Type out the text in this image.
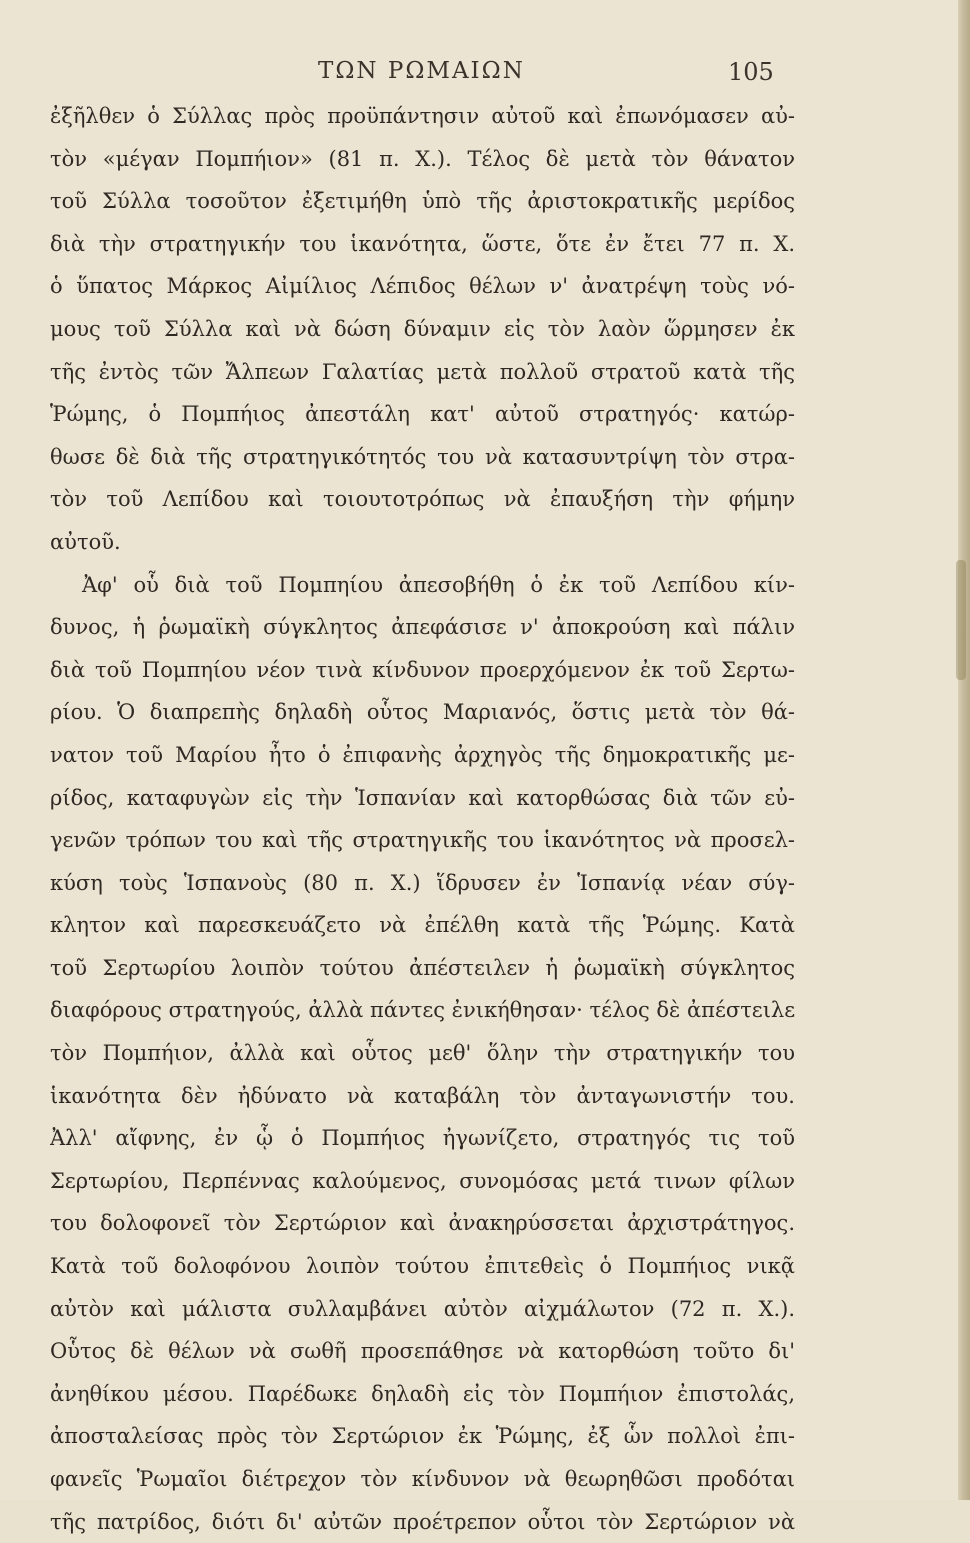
ΤΩΝ ΡΩΜΑΙΩΝ	105
ἐξῆλθεν ὁ Σύλλας πρὸς προϋπάντησιν αὐτοῦ καὶ ἐπωνόμασεν αὐ-
τὸν «μέγαν Πομπήιον» (81 π. Χ.). Τέλος δὲ μετὰ τὸν θάνατον
τοῦ Σύλλα τοσοῦτον ἐξετιμήθη ὑπὸ τῆς ἀριστοκρατικῆς μερίδος
διὰ τὴν στρατηγικήν του ἱκανότητα, ὥστε, ὅτε ἐν ἔτει 77 π. Χ.
ὁ ὕπατος Μάρκος Αἰμίλιος Λέπιδος θέλων ν' ἀνατρέψη τοὺς νό-
μους τοῦ Σύλλα καὶ νὰ δώση δύναμιν εἰς τὸν λαὸν ὥρμησεν ἐκ
τῆς ἐντὸς τῶν Ἄλπεων Γαλατίας μετὰ πολλοῦ στρατοῦ κατὰ τῆς
Ῥώμης, ὁ Πομπήιος ἀπεστάλη κατ' αὐτοῦ στρατηγός· κατώρ-
θωσε δὲ διὰ τῆς στρατηγικότητός του νὰ κατασυντρίψη τὸν στρα-
τὸν τοῦ Λεπίδου καὶ τοιουτοτρόπως νὰ ἐπαυξήση τὴν φήμην
αὐτοῦ.
Ἀφ' οὗ διὰ τοῦ Πομπηίου ἀπεσοβήθη ὁ ἐκ τοῦ Λεπίδου κίν-
δυνος, ἡ ῥωμαϊκὴ σύγκλητος ἀπεφάσισε ν' ἀποκρούση καὶ πάλιν
διὰ τοῦ Πομπηίου νέον τινὰ κίνδυνον προερχόμενον ἐκ τοῦ Σερτω-
ρίου. Ὁ διαπρεπὴς δηλαδὴ οὗτος Μαριανός, ὅστις μετὰ τὸν θά-
νατον τοῦ Μαρίου ἦτο ὁ ἐπιφανὴς ἀρχηγὸς τῆς δημοκρατικῆς με-
ρίδος, καταφυγὼν εἰς τὴν Ἱσπανίαν καὶ κατορθώσας διὰ τῶν εὐ-
γενῶν τρόπων του καὶ τῆς στρατηγικῆς του ἱκανότητος νὰ προσελ-
κύση τοὺς Ἱσπανοὺς (80 π. Χ.) ἵδρυσεν ἐν Ἱσπανίᾳ νέαν σύγ-
κλητον καὶ παρεσκευάζετο νὰ ἐπέλθη κατὰ τῆς Ῥώμης. Κατὰ
τοῦ Σερτωρίου λοιπὸν τούτου ἀπέστειλεν ἡ ῥωμαϊκὴ σύγκλητος
διαφόρους στρατηγούς, ἀλλὰ πάντες ἐνικήθησαν· τέλος δὲ ἀπέστειλε
τὸν Πομπήιον, ἀλλὰ καὶ οὗτος μεθ' ὅλην τὴν στρατηγικήν του
ἱκανότητα δὲν ἠδύνατο νὰ καταβάλη τὸν ἀνταγωνιστήν του.
Ἀλλ' αἴφνης, ἐν ᾧ ὁ Πομπήιος ἠγωνίζετο, στρατηγός τις τοῦ
Σερτωρίου, Περπέννας καλούμενος, συνομόσας μετά τινων φίλων
του δολοφονεῖ τὸν Σερτώριον καὶ ἀνακηρύσσεται ἀρχιστράτηγος.
Κατὰ τοῦ δολοφόνου λοιπὸν τούτου ἐπιτεθεὶς ὁ Πομπήιος νικᾷ
αὐτὸν καὶ μάλιστα συλλαμβάνει αὐτὸν αἰχμάλωτον (72 π. Χ.).
Οὗτος δὲ θέλων νὰ σωθῆ προσεπάθησε νὰ κατορθώση τοῦτο δι'
ἀνηθίκου μέσου. Παρέδωκε δηλαδὴ εἰς τὸν Πομπήιον ἐπιστολάς,
ἀποσταλείσας πρὸς τὸν Σερτώριον ἐκ Ῥώμης, ἐξ ὧν πολλοὶ ἐπι-
φανεῖς Ῥωμαῖοι διέτρεχον τὸν κίνδυνον νὰ θεωρηθῶσι προδόται
τῆς πατρίδος, διότι δι' αὐτῶν προέτρεπον οὗτοι τὸν Σερτώριον νὰ
